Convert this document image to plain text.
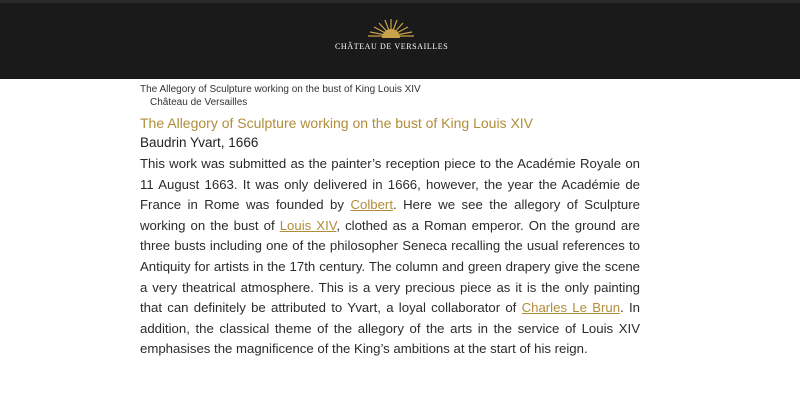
CHÂTEAU DE VERSAILLES
The Allegory of Sculpture working on the bust of King Louis XIV
Château de Versailles
The Allegory of Sculpture working on the bust of King Louis XIV
Baudrin Yvart, 1666

This work was submitted as the painter’s reception piece to the Académie Royale on 11 August 1663. It was only delivered in 1666, however, the year the Académie de France in Rome was founded by Colbert. Here we see the allegory of Sculpture working on the bust of Louis XIV, clothed as a Roman emperor. On the ground are three busts including one of the philosopher Seneca recalling the usual references to Antiquity for artists in the 17th century. The column and green drapery give the scene a very theatrical atmosphere. This is a very precious piece as it is the only painting that can definitely be attributed to Yvart, a loyal collaborator of Charles Le Brun. In addition, the classical theme of the allegory of the arts in the service of Louis XIV emphasises the magnificence of the King’s ambitions at the start of his reign.
